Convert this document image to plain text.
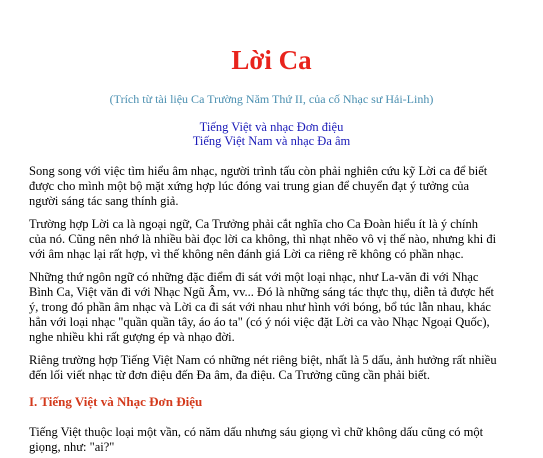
Lời Ca
(Trích từ tài liệu Ca Trường Năm Thứ II, của cố Nhạc sư Hải-Linh)
Tiếng Việt và nhạc Đơn điệu
Tiếng Việt Nam và nhạc Đa âm

Song song với việc tìm hiểu âm nhạc, người trình tấu còn phải nghiên cứu kỹ Lời ca để biết
được cho mình một bộ mặt xứng hợp lúc đóng vai trung gian để chuyển đạt ý tưởng của
người sáng tác sang thính giả.

Trường hợp Lời ca là ngoại ngữ, Ca Trưởng phải cắt nghĩa cho Ca Đoàn hiểu ít là ý chính
của nó. Cũng nên nhớ là nhiều bài đọc lời ca không, thì nhạt nhẽo vô vị thế nào, nhưng khi đi
với âm nhạc lại rất hợp, vì thế không nên đánh giá Lời ca riêng rẽ không có phần nhạc.

Những thứ ngôn ngữ có những đặc điểm đi sát với một loại nhạc, như La-văn đi với Nhạc
Bình Ca, Việt văn đi với Nhạc Ngũ Âm, vv... Đó là những sáng tác thực thụ, diễn tả được hết
ý, trong đó phần âm nhạc và Lời ca đi sát với nhau như hình với bóng, bổ túc lẫn nhau, khác
hẳn với loại nhạc "quần quần tây, áo áo ta" (có ý nói việc đặt Lời ca vào Nhạc Ngoại Quốc),
nghe nhiều khi rất gượng ép và nhạo đời.

Riêng trường hợp Tiếng Việt Nam có những nét riêng biệt, nhất là 5 dấu, ảnh hưởng rất nhiều
đến lối viết nhạc từ đơn điệu đến Đa âm, đa điệu. Ca Trưởng cũng cần phải biết.

I. Tiếng Việt và Nhạc Đơn Điệu

Tiếng Việt thuộc loại một vần, có năm dấu nhưng sáu giọng vì chữ không dấu cũng có một
giọng, như: "ai?"
